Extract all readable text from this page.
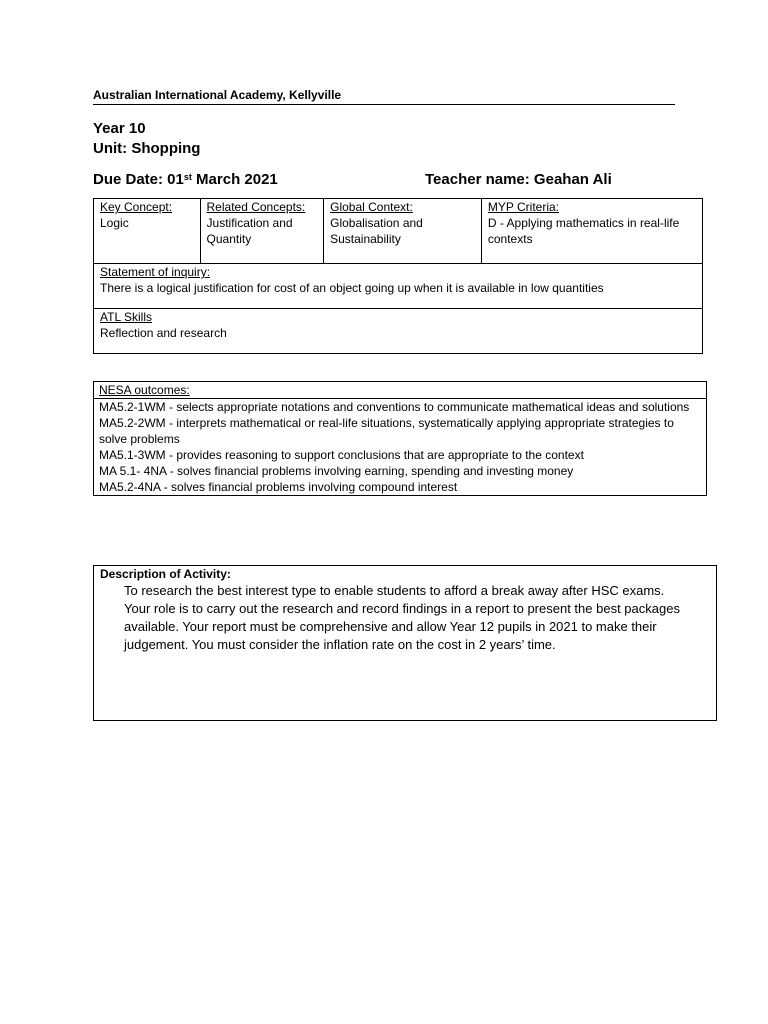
Australian International Academy, Kellyville
Year 10
Unit: Shopping
Due Date: 01st March 2021	Teacher name: Geahan Ali
Key Concept:
Logic

Related Concepts:
Justification and Quantity

Global Context:
Globalisation and Sustainability

MYP Criteria:
D - Applying mathematics in real-life contexts

Statement of inquiry:
There is a logical justification for cost of an object going up when it is available in low quantities

ATL Skills
Reflection and research
NESA outcomes:

MA5.2-1WM - selects appropriate notations and conventions to communicate mathematical ideas and solutions
MA5.2-2WM - interprets mathematical or real-life situations, systematically applying appropriate strategies to solve problems
MA5.1-3WM - provides reasoning to support conclusions that are appropriate to the context
MA 5.1- 4NA - solves financial problems involving earning, spending and investing money
MA5.2-4NA - solves financial problems involving compound interest
Description of Activity:
To research the best interest type to enable students to afford a break away after HSC exams. Your role is to carry out the research and record findings in a report to present the best packages available. Your report must be comprehensive and allow Year 12 pupils in 2021 to make their judgement. You must consider the inflation rate on the cost in 2 years’ time.
